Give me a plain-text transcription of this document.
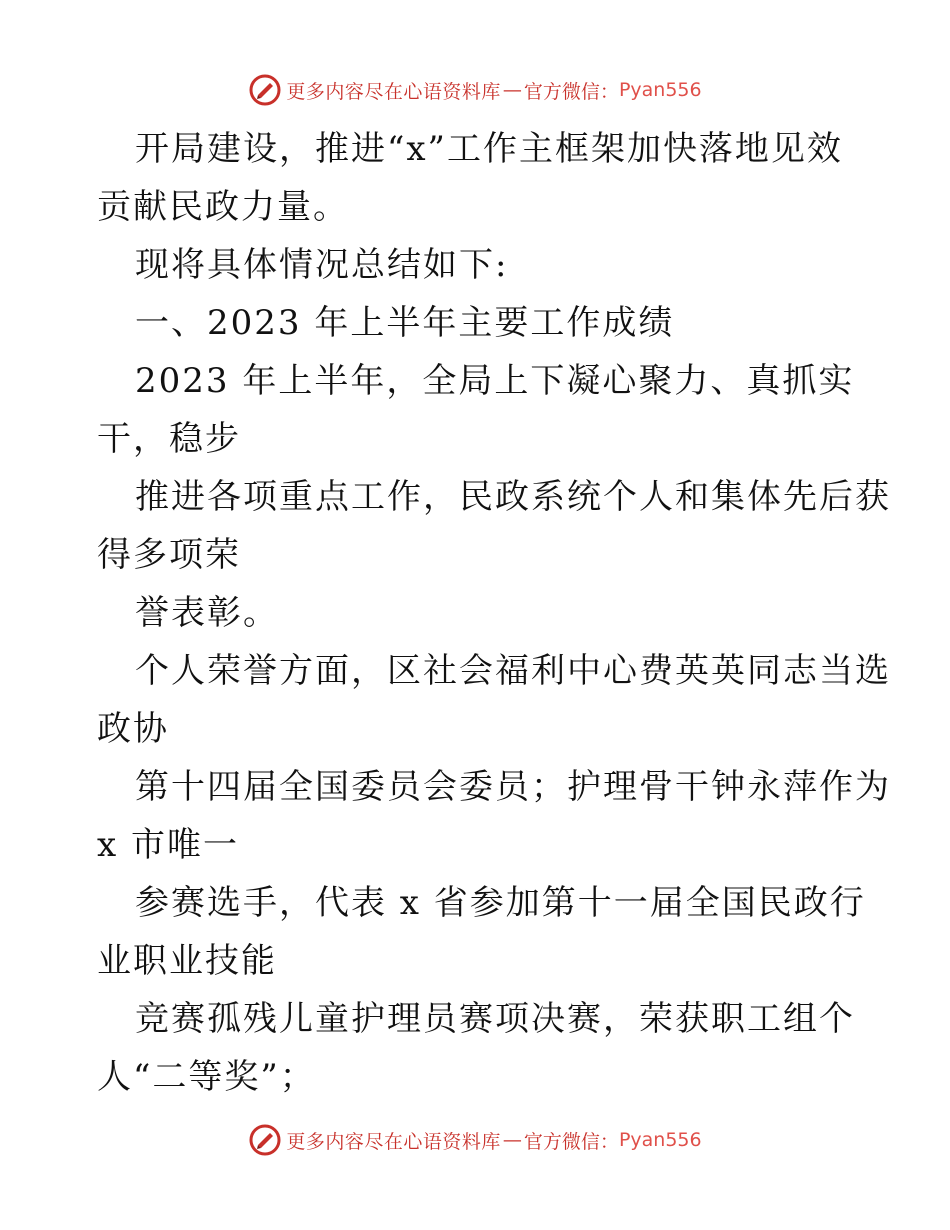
更多内容尽在心语资料库 — 官方微信： Pyan556
开局建设，推进“x”工作主框架加快落地见效
贡献民政力量。
现将具体情况总结如下:
一、2023 年上半年主要工作成绩
2023 年上半年，全局上下凝心聚力、真抓实
干，稳步
推进各项重点工作，民政系统个人和集体先后获
得多项荣
誉表彰。
个人荣誉方面，区社会福利中心费英英同志当选
政协
第十四届全国委员会委员；护理骨干钟永萍作为
x 市唯一
参赛选手，代表 x 省参加第十一届全国民政行
业职业技能
竞赛孤残儿童护理员赛项决赛，荣获职工组个
人“二等奖”；
更多内容尽在心语资料库 — 官方微信： Pyan556
